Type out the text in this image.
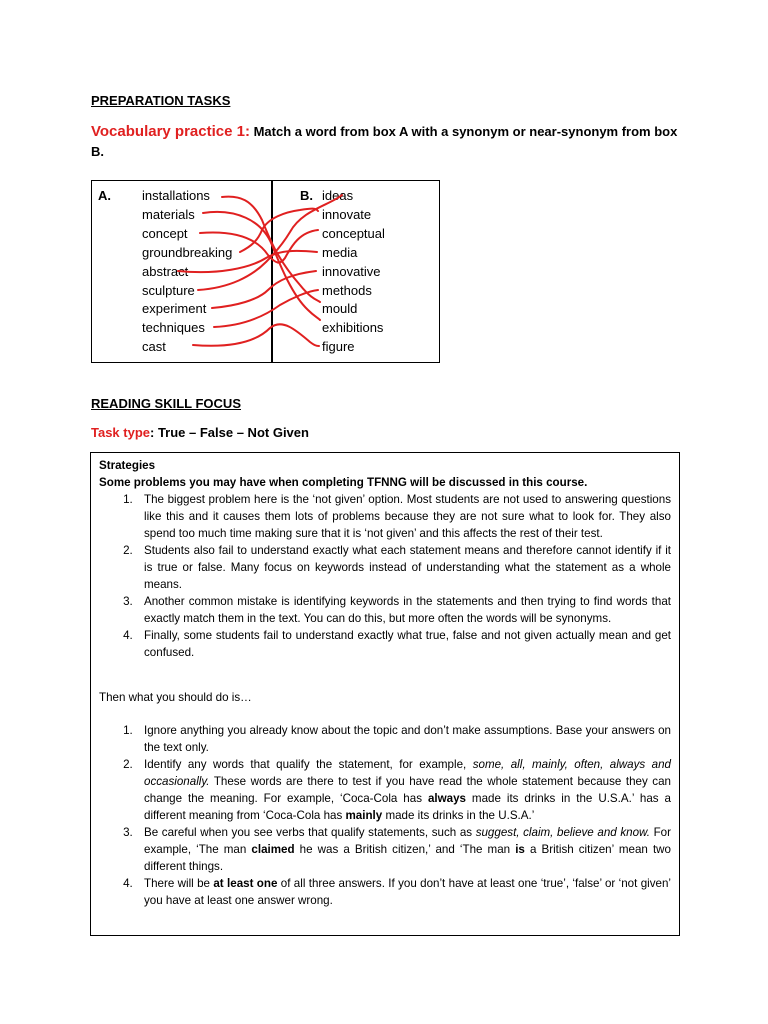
PREPARATION TASKS
Vocabulary practice 1: Match a word from box A with a synonym or near-synonym from box B.
A.	B.
installations
materials
concept
groundbreaking
abstract
sculpture
experiment
techniques
cast
ideas
innovate
conceptual
media
innovative
methods
mould
exhibitions
figure
READING SKILL FOCUS
Task type: True – False – Not Given
Strategies
Some problems you may have when completing TFNNG will be discussed in this course.
1. The biggest problem here is the ‘not given’ option. Most students are not used to answering questions like this and it causes them lots of problems because they are not sure what to look for. They also spend too much time making sure that it is ‘not given’ and this affects the rest of their test.
2. Students also fail to understand exactly what each statement means and therefore cannot identify if it is true or false. Many focus on keywords instead of understanding what the statement as a whole means.
3. Another common mistake is identifying keywords in the statements and then trying to find words that exactly match them in the text. You can do this, but more often the words will be synonyms.
4. Finally, some students fail to understand exactly what true, false and not given actually mean and get confused.
Then what you should do is…
1. Ignore anything you already know about the topic and don’t make assumptions. Base your answers on the text only.
2. Identify any words that qualify the statement, for example, some, all, mainly, often, always and occasionally. These words are there to test if you have read the whole statement because they can change the meaning. For example, ‘Coca-Cola has always made its drinks in the U.S.A.’ has a different meaning from ‘Coca-Cola has mainly made its drinks in the U.S.A.’
3. Be careful when you see verbs that qualify statements, such as suggest, claim, believe and know. For example, ‘The man claimed he was a British citizen,’ and ‘The man is a British citizen’ mean two different things.
4. There will be at least one of all three answers. If you don’t have at least one ‘true’, ‘false’ or ‘not given’ you have at least one answer wrong.
